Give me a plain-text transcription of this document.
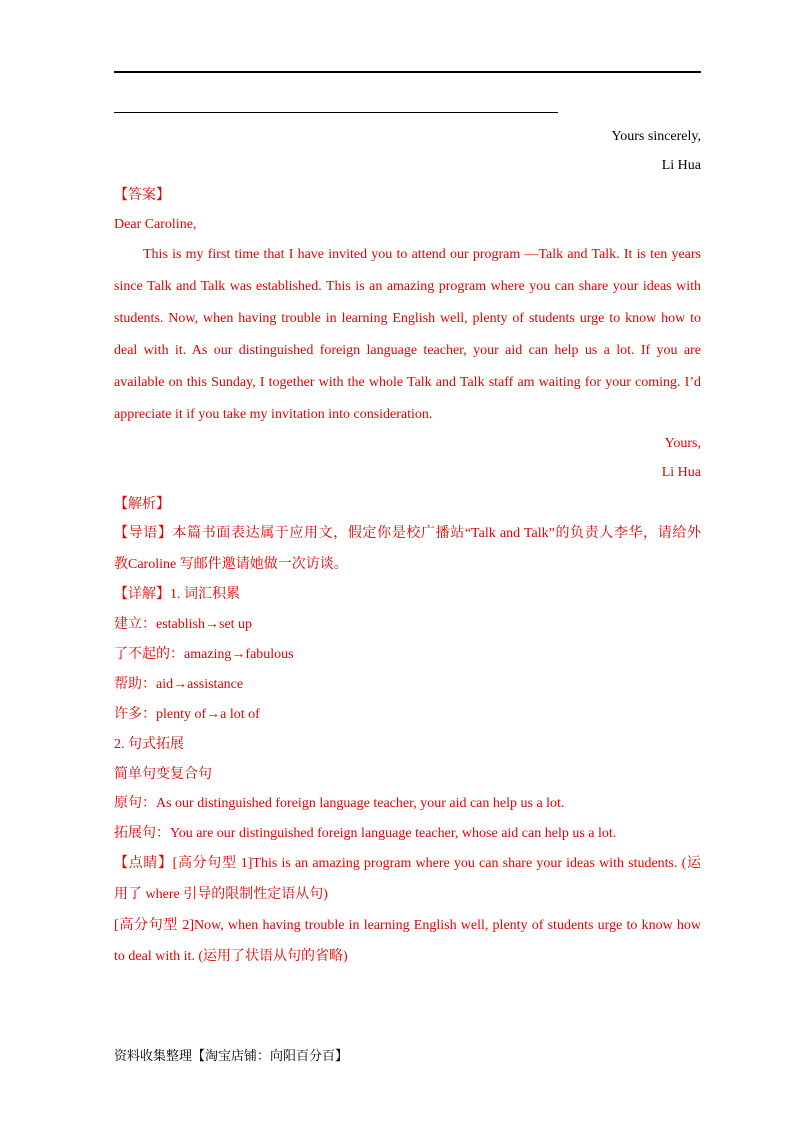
Yours sincerely,
Li Hua
【答案】
Dear Caroline,
This is my first time that I have invited you to attend our program —Talk and Talk. It is ten years
since Talk and Talk was established. This is an amazing program where you can share your ideas with
students. Now, when having trouble in learning English well, plenty of students urge to know how to
deal with it. As our distinguished foreign language teacher, your aid can help us a lot. If you are
available on this Sunday, I together with the whole Talk and Talk staff am waiting for your coming. I’d
appreciate it if you take my invitation into consideration.
Yours,
Li Hua
【解析】
【导语】本篇书面表达属于应用文，假定你是校广播站“Talk and Talk”的负责人李华，请给外
教Caroline 写邮件邀请她做一次访谈。
【详解】1. 词汇积累
建立：establish→set up
了不起的：amazing→fabulous
帮助：aid→assistance
许多：plenty of→a lot of
2. 句式拓展
简单句变复合句
原句：As our distinguished foreign language teacher, your aid can help us a lot.
拓展句：You are our distinguished foreign language teacher, whose aid can help us a lot.
【点睛】[高分句型 1]This is an amazing program where you can share your ideas with students. (运
用了 where 引导的限制性定语从句)
[高分句型 2]Now, when having trouble in learning English well, plenty of students urge to know how
to deal with it. (运用了状语从句的省略)
资料收集整理【淘宝店铺：向阳百分百】
